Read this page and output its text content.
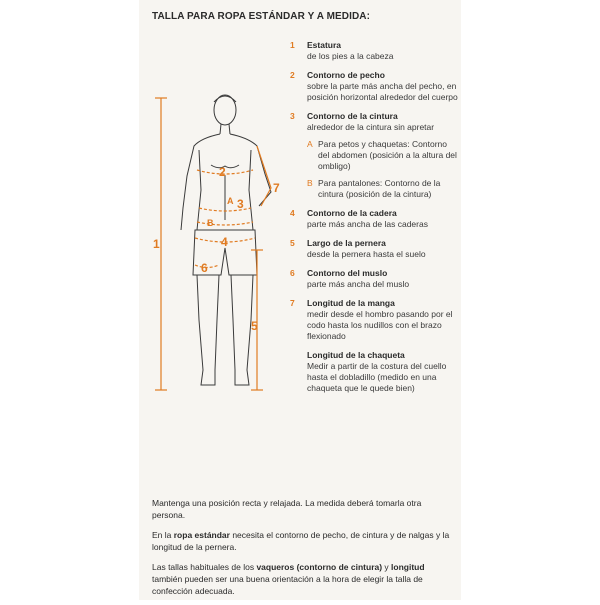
TALLA PARA ROPA ESTÁNDAR Y A MEDIDA:
1
2
3
4
5
6
7
A
B
1 Estatura
de los pies a la cabeza
2 Contorno de pecho
sobre la parte más ancha del pecho, en posición horizontal alrededor del cuerpo
3 Contorno de la cintura
alrededor de la cintura sin apretar
A Para petos y chaquetas: Contorno del abdomen (posición a la altura del ombligo)
B Para pantalones: Contorno de la cintura (posición de la cintura)
4 Contorno de la cadera
parte más ancha de las caderas
5 Largo de la pernera
desde la pernera hasta el suelo
6 Contorno del muslo
parte más ancha del muslo
7 Longitud de la manga
medir desde el hombro pasando por el codo hasta los nudillos con el brazo flexionado
Longitud de la chaqueta
Medir a partir de la costura del cuello hasta el dobladillo (medido en una chaqueta que le quede bien)

Mantenga una posición recta y relajada. La medida deberá tomarla otra persona.

En la ropa estándar necesita el contorno de pecho, de cintura y de nalgas y la longitud de la pernera.

Las tallas habituales de los vaqueros (contorno de cintura) y longitud también pueden ser una buena orientación a la hora de elegir la talla de confección adecuada.
